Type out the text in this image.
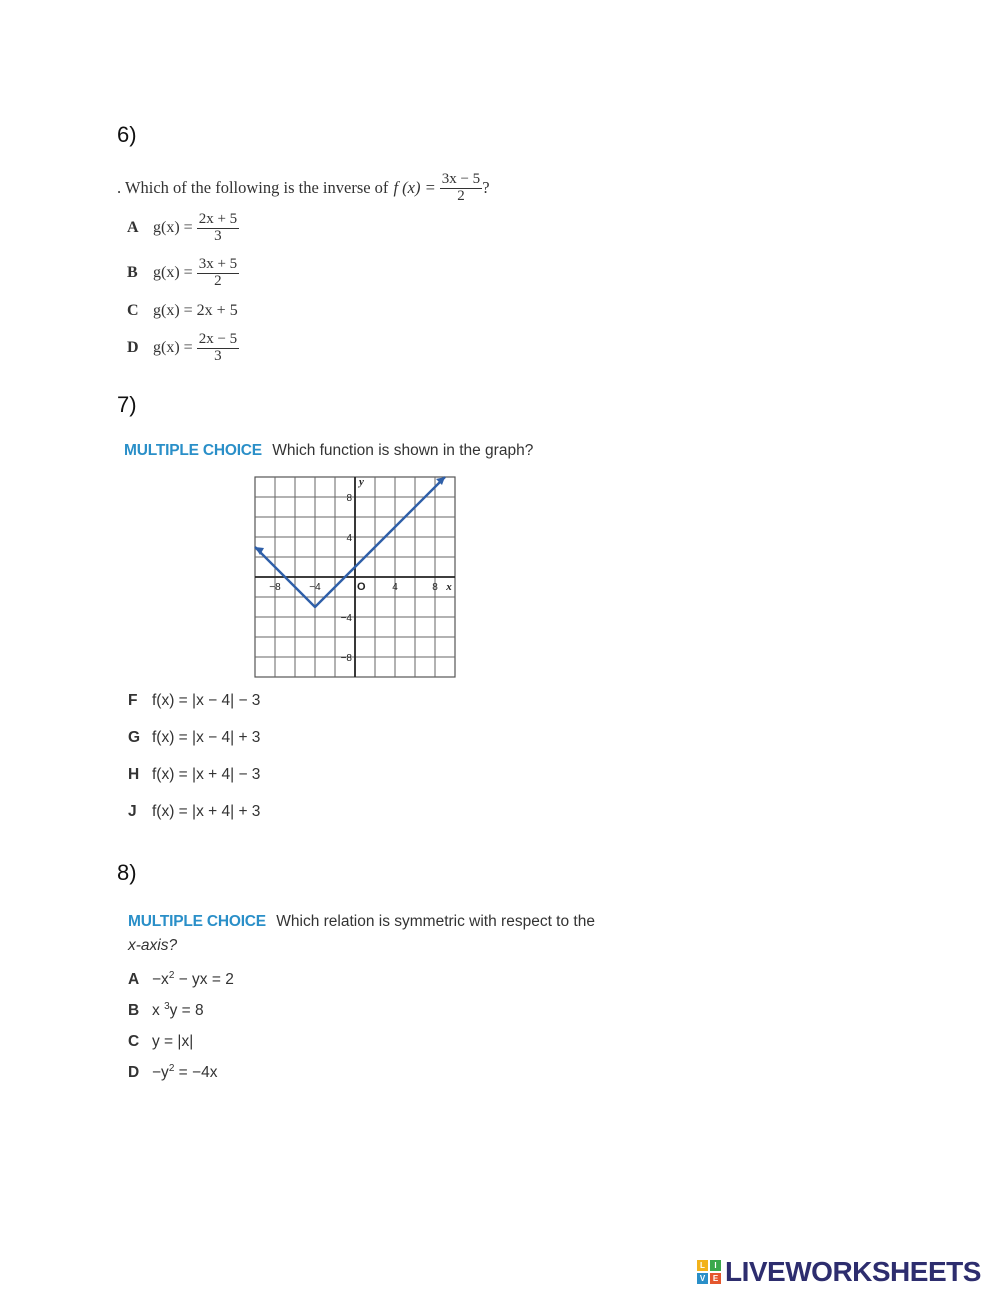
6)
. Which of the following is the inverse of f $(x) = \frac{3x - 5}{2}$ ?
A $g(x) = \frac{2x + 5}{3}$
B $g(x) = \frac{3x + 5}{2}$
C g(x) = 2x + 5
D $g(x) = \frac{2x - 5}{3}$
7)
MULTIPLE CHOICE Which function is shown in the graph?
−8	−4	4	8
8
4
−4
−8
O	x
y
F f(x) = |x − 4| − 3
G f(x) = |x − 4| + 3
H f(x) = |x + 4| − 3
J f(x) = |x + 4| + 3
8)
MULTIPLE CHOICE Which relation is symmetric with respect to the
x-axis?
$A -x^2$ − yx = 2
B x $^3$y = 8
C y = |x|
$D -y^2 = -4x$
L	I
V E LIVEWORKSHEETS
